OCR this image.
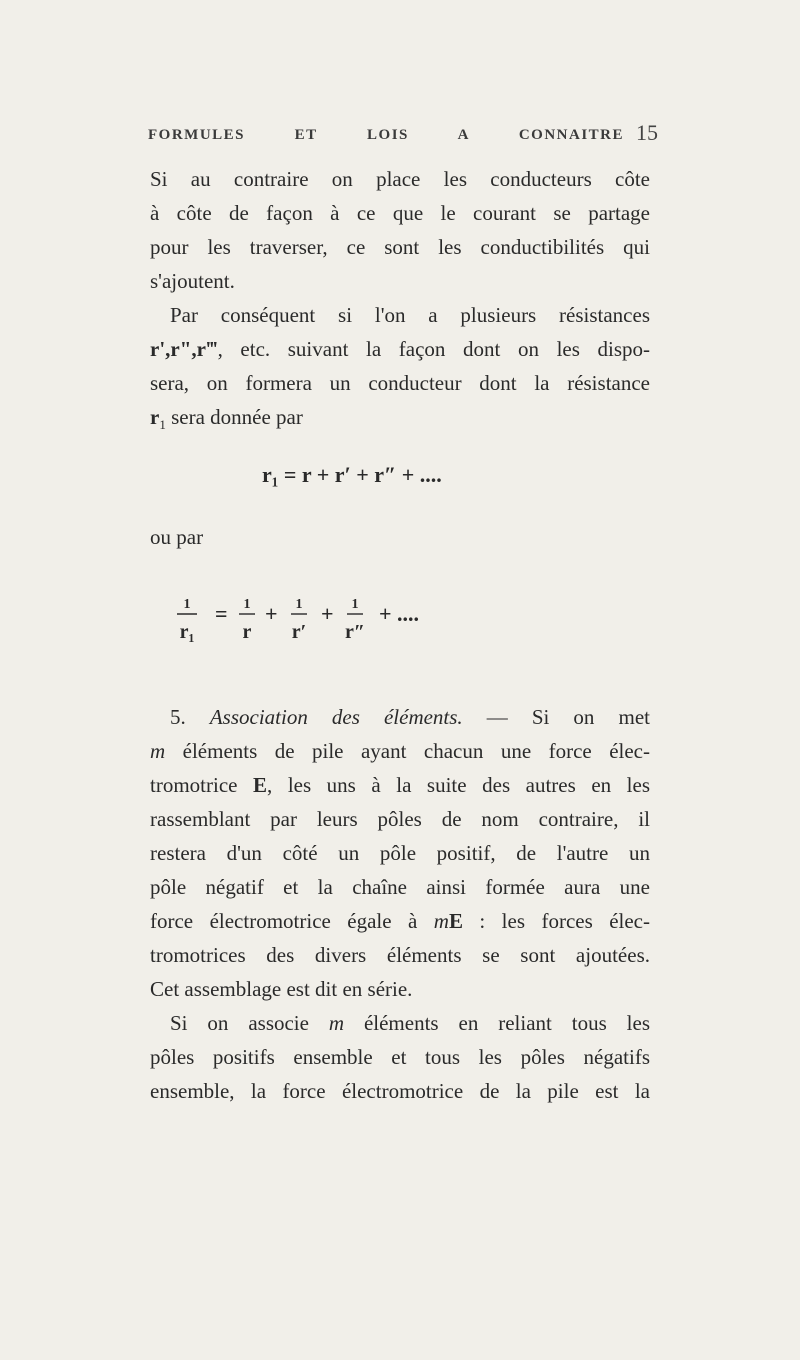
FORMULES ET LOIS A CONNAITRE 15
Si au contraire on place les conducteurs côte
à côte de façon à ce que le courant se partage
pour les traverser, ce sont les conductibilités qui
s'ajoutent.
Par conséquent si l'on a plusieurs résistances
r',r",r‴, etc. suivant la façon dont on les dispo-
sera, on formera un conducteur dont la résistance
$r_1$ sera donnée par
r₁ = r + r′ + r″ + ....
ou par
1
r₁
= 1
r
+ 1
r′
+ 1
r″
+ ....
5. Association des éléments. — Si on met
m éléments de pile ayant chacun une force élec-
tromotrice E, les uns à la suite des autres en les
rassemblant par leurs pôles de nom contraire, il
restera d'un côté un pôle positif, de l'autre un
pôle négatif et la chaîne ainsi formée aura une
force électromotrice égale à mE : les forces élec-
tromotrices des divers éléments se sont ajoutées.
Cet assemblage est dit en série.
Si on associe m éléments en reliant tous les
pôles positifs ensemble et tous les pôles négatifs
ensemble, la force électromotrice de la pile est la
